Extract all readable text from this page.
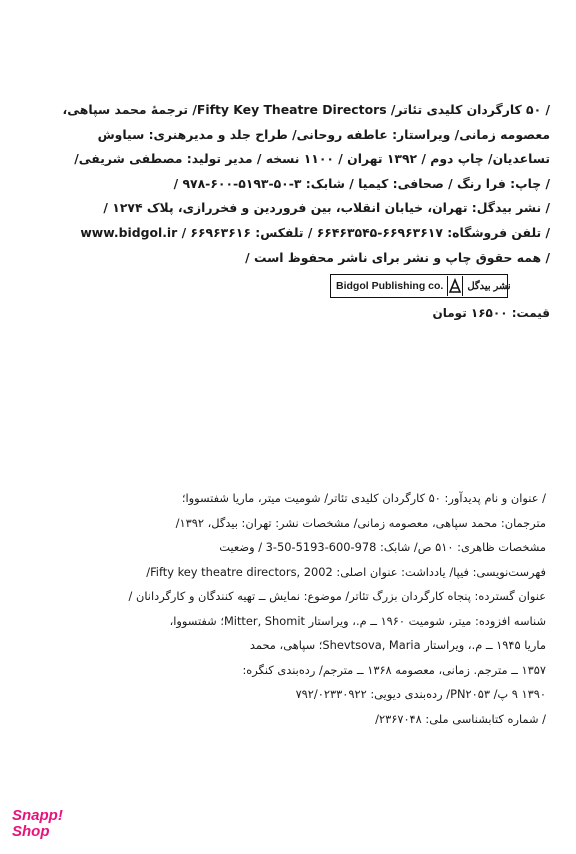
/ ۵۰ کارگردان کلیدی تئاتر/ Fifty Key Theatre Directors/ ترجمهٔ محمد سپاهی،
معصومه زمانی/ ویراستار: عاطفه روحانی/ طراح جلد و مدیرهنری: سیاوش
تساعدیان/ چاپ دوم / ۱۳۹۲ تهران / ۱۱۰۰ نسخه / مدیر تولید: مصطفی شریفی/
/ چاپ: فرا رنگ / صحافی: کیمیا / شابک: ۳-۵۰-۵۱۹۳-۶۰۰-۹۷۸ /
/ نشر بیدگل: تهران، خیابان انقلاب، بین فروردین و فخررازی، پلاک ۱۲۷۴ /
/ تلفن فروشگاه: ۶۶۹۶۳۶۱۷-۶۶۴۶۳۵۴۵ / تلفکس: ۶۶۹۶۳۶۱۶ / www.bidgol.ir
/ همه حقوق چاپ و نشر برای ناشر محفوظ است /
Bidgol Publishing co.	نشر بیدگل
قیمت: ۱۶۵۰۰ تومان
/ عنوان و نام پدیدآور: ۵۰ کارگردان کلیدی تئاتر/ شومیت میتر، ماریا شفتسووا؛
مترجمان: محمد سپاهی، معصومه زمانی/ مشخصات نشر: تهران: بیدگل، ۱۳۹۲/
مشخصات ظاهری: ۵۱۰ ص/ شابک: 978-600-5193-50-3 / وضعیت
فهرست‌نویسی: فیپا/ یادداشت: عنوان اصلی: Fifty key theatre directors, 2002/
عنوان گسترده: پنجاه کارگردان بزرگ تئاتر/ موضوع: نمایش ــ تهیه کنندگان و کارگردانان /
شناسه افزوده: میتر، شومیت ۱۹۶۰ ــ م.، ویراستار Mitter, Shomit؛ شفتسووا،
ماریا ۱۹۴۵ ــ م.، ویراستار Shevtsova, Maria؛ سپاهی، محمد
۱۳۵۷ ــ مترجم. زمانی، معصومه ۱۳۶۸ ــ مترجم/ رده‌بندی کنگره:
۱۳۹۰ ۹ پ/ PN۲۰۵۳/ رده‌بندی دیویی: ۷۹۲/۰۲۳۳۰۹۲۲
/ شماره کتابشناسی ملی: ۲۳۶۷۰۴۸/
Snapp!
Shop
